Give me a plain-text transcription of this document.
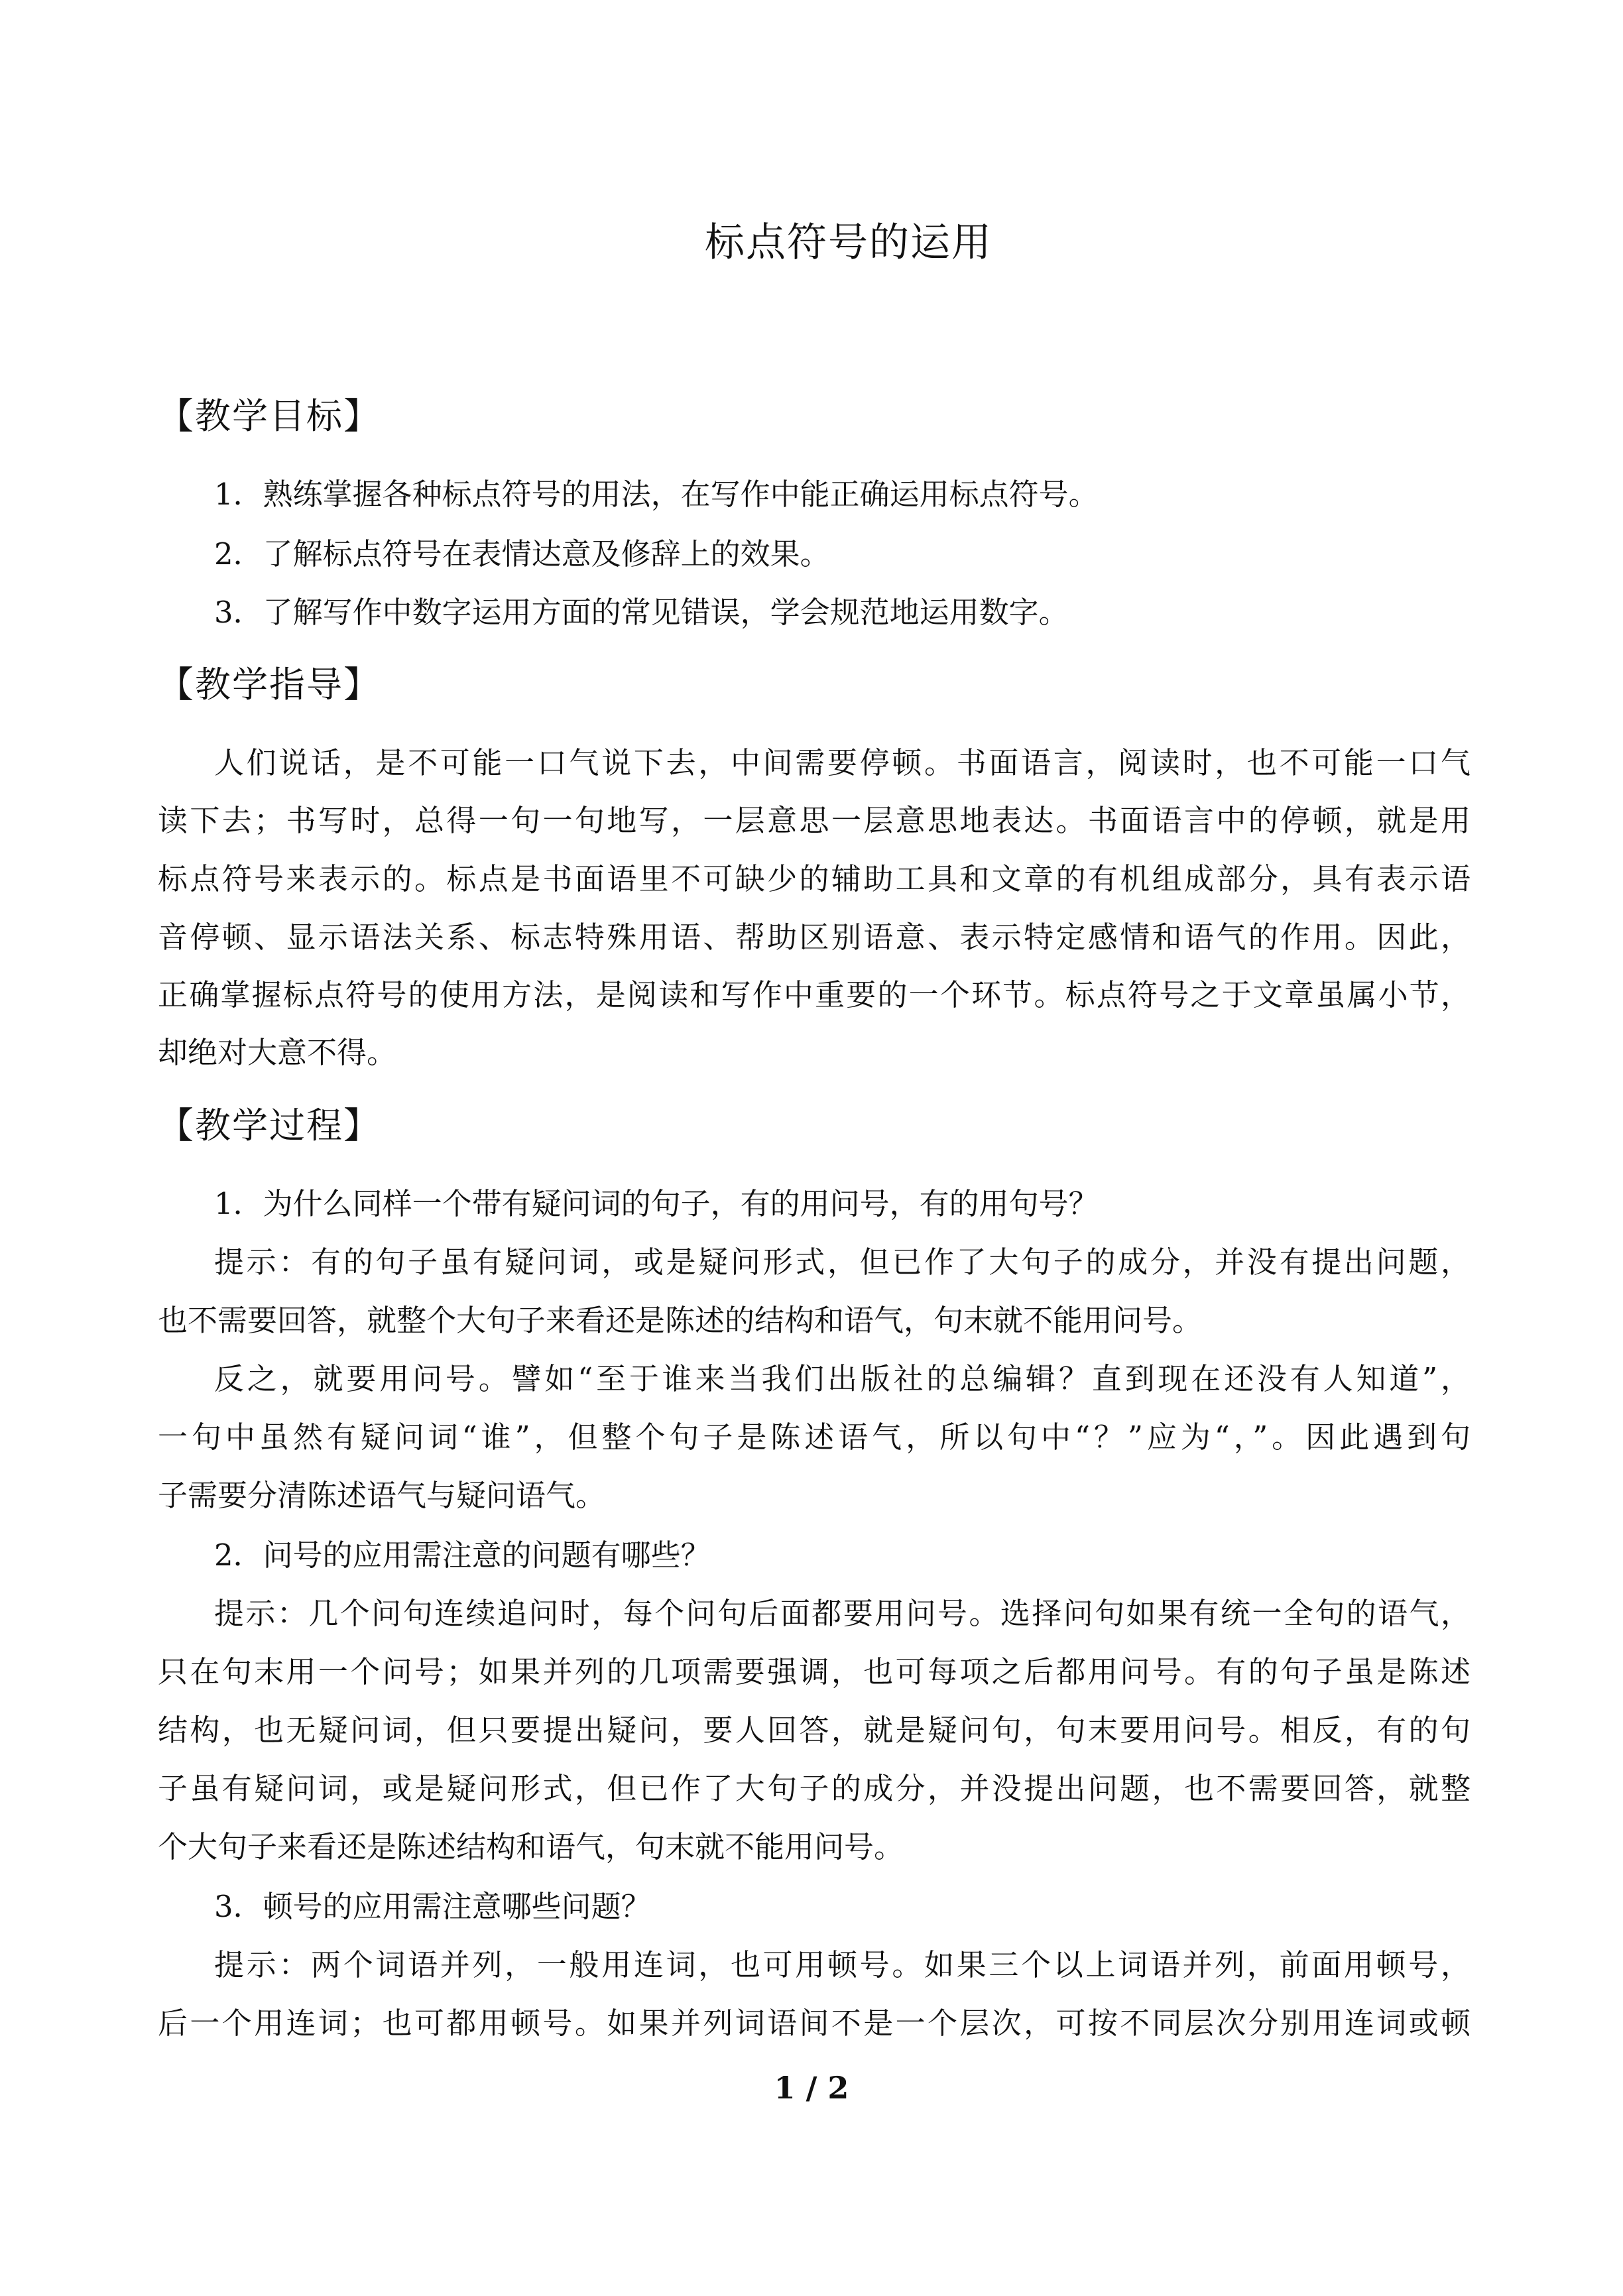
标点符号的运用
【教学目标】

1．熟练掌握各种标点符号的用法，在写作中能正确运用标点符号。

2．了解标点符号在表情达意及修辞上的效果。

3．了解写作中数字运用方面的常见错误，学会规范地运用数字。

【教学指导】

人们说话，是不可能一口气说下去，中间需要停顿。书面语言，阅读时，也不可能一口气

读下去；书写时，总得一句一句地写，一层意思一层意思地表达。书面语言中的停顿，就是用

标点符号来表示的。标点是书面语里不可缺少的辅助工具和文章的有机组成部分，具有表示语

音停顿、显示语法关系、标志特殊用语、帮助区别语意、表示特定感情和语气的作用。因此，

正确掌握标点符号的使用方法，是阅读和写作中重要的一个环节。标点符号之于文章虽属小节，

却绝对大意不得。

【教学过程】

1．为什么同样一个带有疑问词的句子，有的用问号，有的用句号？

提示：有的句子虽有疑问词，或是疑问形式，但已作了大句子的成分，并没有提出问题，

也不需要回答，就整个大句子来看还是陈述的结构和语气，句末就不能用问号。

反之，就要用问号。譬如“至于谁来当我们出版社的总编辑？直到现在还没有人知道”，

一句中虽然有疑问词“谁”，但整个句子是陈述语气，所以句中“？”应为“，”。因此遇到句

子需要分清陈述语气与疑问语气。

2．问号的应用需注意的问题有哪些？

提示：几个问句连续追问时，每个问句后面都要用问号。选择问句如果有统一全句的语气，

只在句末用一个问号；如果并列的几项需要强调，也可每项之后都用问号。有的句子虽是陈述

结构，也无疑问词，但只要提出疑问，要人回答，就是疑问句，句末要用问号。相反，有的句

子虽有疑问词，或是疑问形式，但已作了大句子的成分，并没提出问题，也不需要回答，就整

个大句子来看还是陈述结构和语气，句末就不能用问号。

3．顿号的应用需注意哪些问题？

提示：两个词语并列，一般用连词，也可用顿号。如果三个以上词语并列，前面用顿号，

后一个用连词；也可都用顿号。如果并列词语间不是一个层次，可按不同层次分别用连词或顿

1 / 2
